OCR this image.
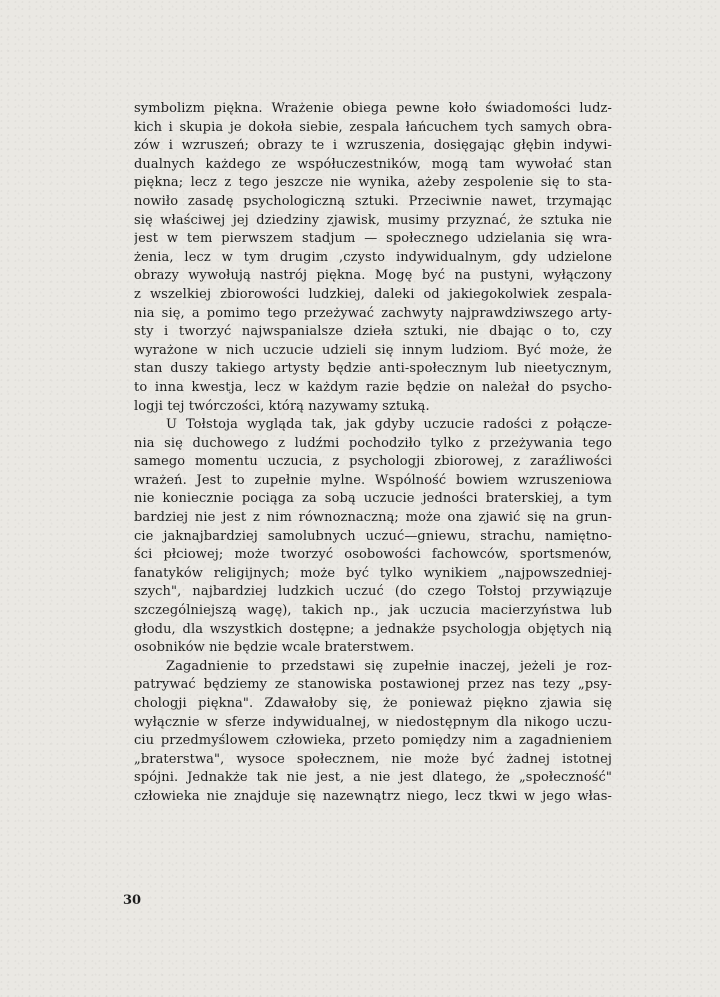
symbolizm piękna. Wrażenie obiega pewne koło świadomości ludz-
kich i skupia je dokoła siebie, zespala łańcuchem tych samych obra-
zów i wzruszeń; obrazy te i wzruszenia, dosięgając głębin indywi-
dualnych każdego ze współuczestników, mogą tam wywołać stan
piękna; lecz z tego jeszcze nie wynika, ażeby zespolenie się to sta-
nowiło zasadę psychologiczną sztuki. Przeciwnie nawet, trzymając
się właściwej jej dziedziny zjawisk, musimy przyznać, że sztuka nie
jest w tem pierwszem stadjum — społecznego udzielania się wra-
żenia, lecz w tym drugim ,czysto indywidualnym, gdy udzielone
obrazy wywołują nastrój piękna. Mogę być na pustyni, wyłączony
z wszelkiej zbiorowości ludzkiej, daleki od jakiegokolwiek zespala-
nia się, a pomimo tego przeżywać zachwyty najprawdziwszego arty-
sty i tworzyć najwspanialsze dzieła sztuki, nie dbając o to, czy
wyrażone w nich uczucie udzieli się innym ludziom. Być może, że
stan duszy takiego artysty będzie anti-społecznym lub nieetycznym,
to inna kwestja, lecz w każdym razie będzie on należał do psycho-
logji tej twórczości, którą nazywamy sztuką.
U Tołstoja wygląda tak, jak gdyby uczucie radości z połącze-
nia się duchowego z ludźmi pochodziło tylko z przeżywania tego
samego momentu uczucia, z psychologji zbiorowej, z zaraźliwości
wrażeń. Jest to zupełnie mylne. Wspólność bowiem wzruszeniowa
nie koniecznie pociąga za sobą uczucie jedności braterskiej, a tym
bardziej nie jest z nim równoznaczną; może ona zjawić się na grun-
cie jaknajbardziej samolubnych uczuć—gniewu, strachu, namiętno-
ści płciowej; może tworzyć osobowości fachowców, sportsmenów,
fanatyków religijnych; może być tylko wynikiem „najpowszedniej-
szych", najbardziej ludzkich uczuć (do czego Tołstoj przywiązuje
szczególniejszą wagę), takich np., jak uczucia macierzyństwa lub
głodu, dla wszystkich dostępne; a jednakże psychologja objętych nią
osobników nie będzie wcale braterstwem.
Zagadnienie to przedstawi się zupełnie inaczej, jeżeli je roz-
patrywać będziemy ze stanowiska postawionej przez nas tezy „psy-
chologji piękna". Zdawałoby się, że ponieważ piękno zjawia się
wyłącznie w sferze indywidualnej, w niedostępnym dla nikogo uczu-
ciu przedmyślowem człowieka, przeto pomiędzy nim a zagadnieniem
„braterstwa", wysoce społecznem, nie może być żadnej istotnej
spójni. Jednakże tak nie jest, a nie jest dlatego, że „społeczność"
człowieka nie znajduje się nazewnątrz niego, lecz tkwi w jego włas-
30
